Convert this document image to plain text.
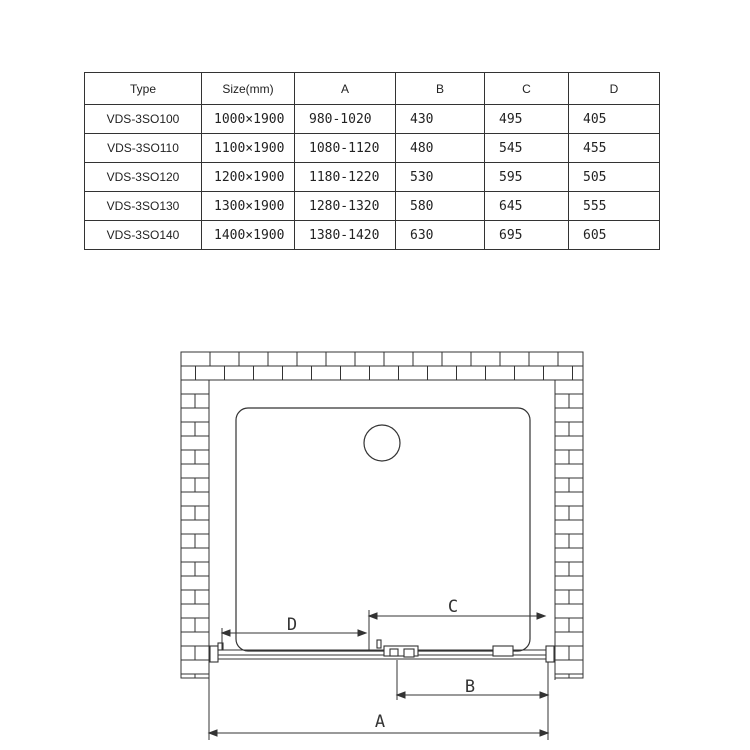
Type	Size(mm)	A	B	C	D
VDS-3SO100	1000×1900	980-1020	430	495	405
VDS-3SO110	1100×1900	1080-1120	480	545	455
VDS-3SO120	1200×1900	1180-1220	530	595	505
VDS-3SO130	1300×1900	1280-1320	580	645	555
VDS-3SO140	1400×1900	1380-1420	630	695	605
C
D
B
A
